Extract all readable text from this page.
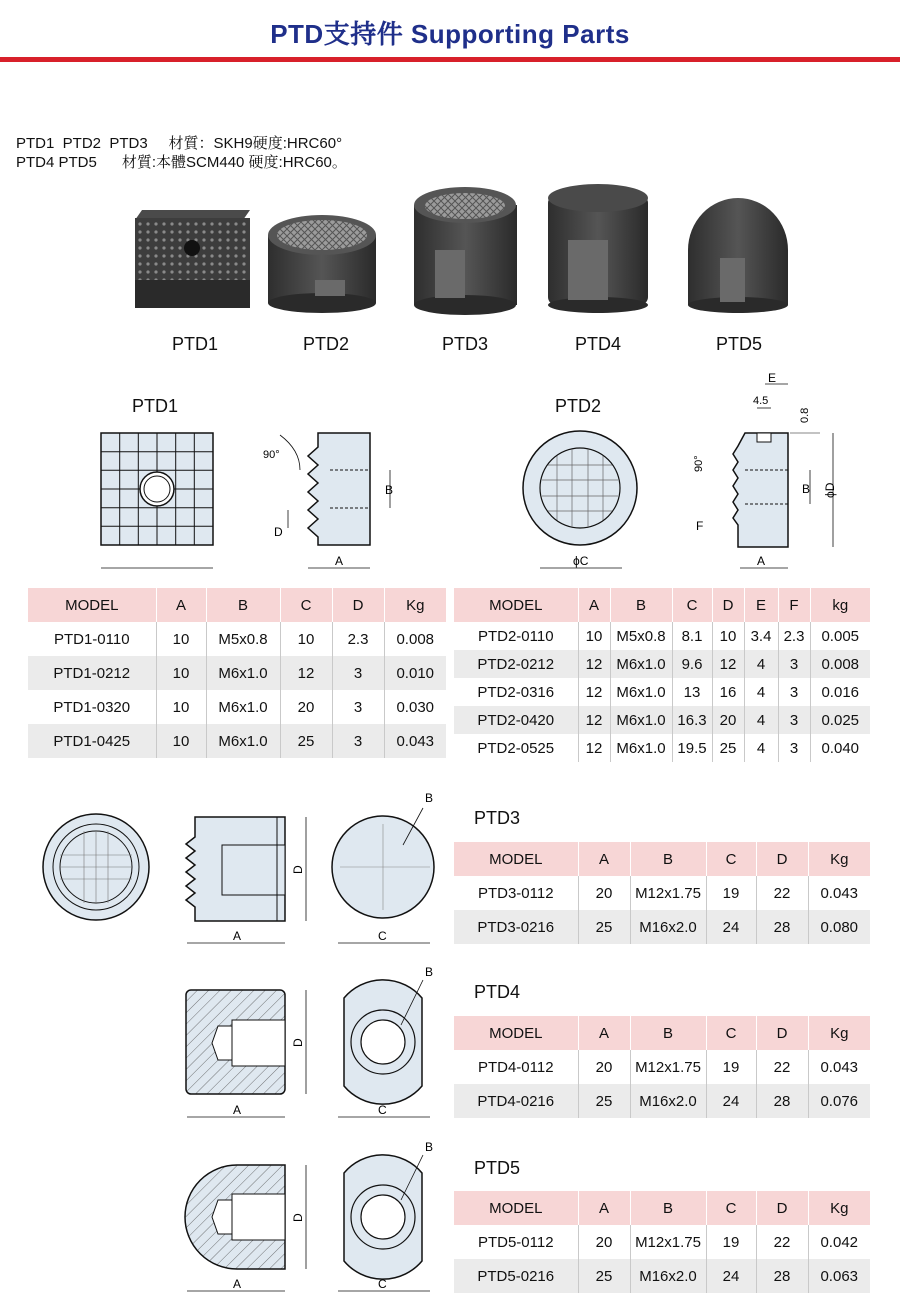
PTD支持件 Supporting Parts
PTD1  PTD2  PTD3     材質：SKH9硬度:HRC60°
PTD4 PTD5      材質:本體SCM440 硬度:HRC60。
PTD1	PTD2	PTD3	PTD4	PTD5
PTD1	PTD2
B
A
D
90°
ϕC
E
4.5
0.8
B ϕD
A
F
90°
MODEL	A	B	C	D	Kg
PTD1-0110	10	M5x0.8	10	2.3	0.008
PTD1-0212	10	M6x1.0	12	3	0.010
PTD1-0320	10	M6x1.0	20	3	0.030
PTD1-0425	10	M6x1.0	25	3	0.043
MODEL	A	B	C	D	E	F	kg
PTD2-0110	10	M5x0.8	8.1	10	3.4	2.3	0.005
PTD2-0212	12	M6x1.0	9.6	12	4	3	0.008
PTD2-0316	12	M6x1.0	13	16	4	3	0.016
PTD2-0420	12	M6x1.0	16.3	20	4	3	0.025
PTD2-0525	12	M6x1.0	19.5	25	4	3	0.040
A
D
C
B
A
D
C
B
A
D
C
B
PTD3
MODEL	A	B	C	D	Kg
PTD3-0112	20	M12x1.75	19	22	0.043
PTD3-0216	25	M16x2.0	24	28	0.080
PTD4
MODEL	A	B	C	D	Kg
PTD4-0112	20	M12x1.75	19	22	0.043
PTD4-0216	25	M16x2.0	24	28	0.076
PTD5
MODEL	A	B	C	D	Kg
PTD5-0112	20	M12x1.75	19	22	0.042
PTD5-0216	25	M16x2.0	24	28	0.063
